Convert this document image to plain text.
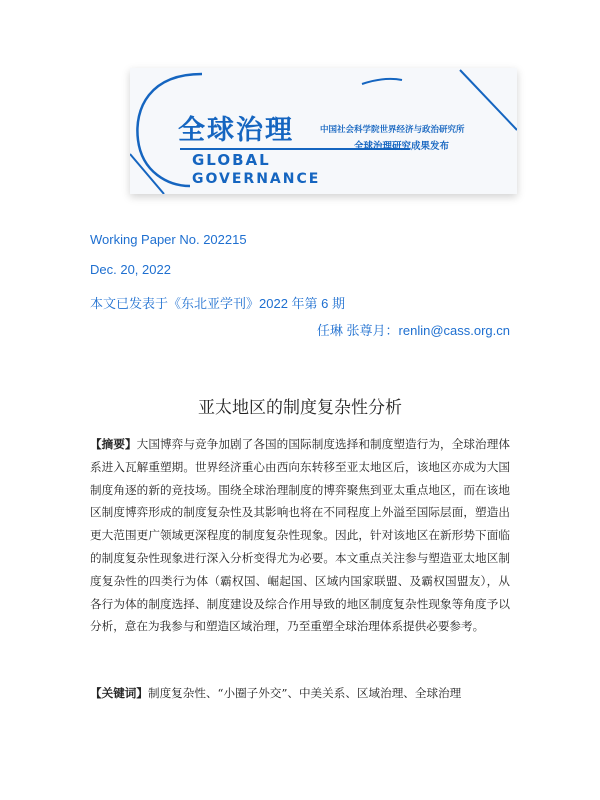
全球治理
GLOBAL
GOVERNANCE
中国社会科学院世界经济与政治研究所
全球治理研究成果发布
Working Paper No. 202215
Dec. 20, 2022
本文已发表于《东北亚学刊》2022 年第 6 期
任琳 张尊月：renlin@cass.org.cn
亚太地区的制度复杂性分析

【摘要】大国博弈与竞争加剧了各国的国际制度选择和制度塑造行为，全球治理体系进入瓦解重塑期。世界经济重心由西向东转移至亚太地区后，该地区亦成为大国制度角逐的新的竞技场。围绕全球治理制度的博弈聚焦到亚太重点地区，而在该地区制度博弈形成的制度复杂性及其影响也将在不同程度上外溢至国际层面，塑造出更大范围更广领域更深程度的制度复杂性现象。因此，针对该地区在新形势下面临的制度复杂性现象进行深入分析变得尤为必要。本文重点关注参与塑造亚太地区制度复杂性的四类行为体（霸权国、崛起国、区域内国家联盟、及霸权国盟友），从各行为体的制度选择、制度建设及综合作用导致的地区制度复杂性现象等角度予以分析，意在为我参与和塑造区域治理，乃至重塑全球治理体系提供必要参考。

【关键词】制度复杂性、“小圈子外交”、中美关系、区域治理、全球治理
